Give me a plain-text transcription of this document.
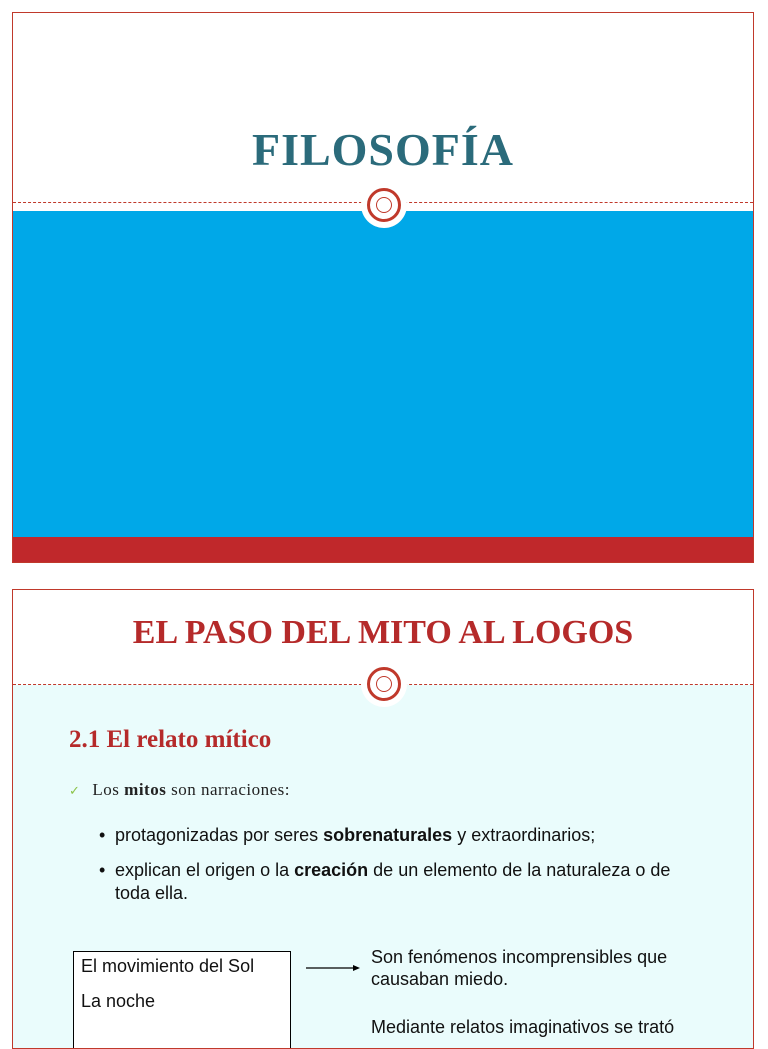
FILOSOFÍA
EL PASO DEL MITO AL LOGOS
2.1 El relato mítico
✓ Los mitos son narraciones:
• protagonizadas por seres sobrenaturales y extraordinarios;
• explican el origen o la creación de un elemento de la naturaleza o de toda ella.
El movimiento del Sol
La noche
Son fenómenos incomprensibles que causaban miedo.
Mediante relatos imaginativos se trató
